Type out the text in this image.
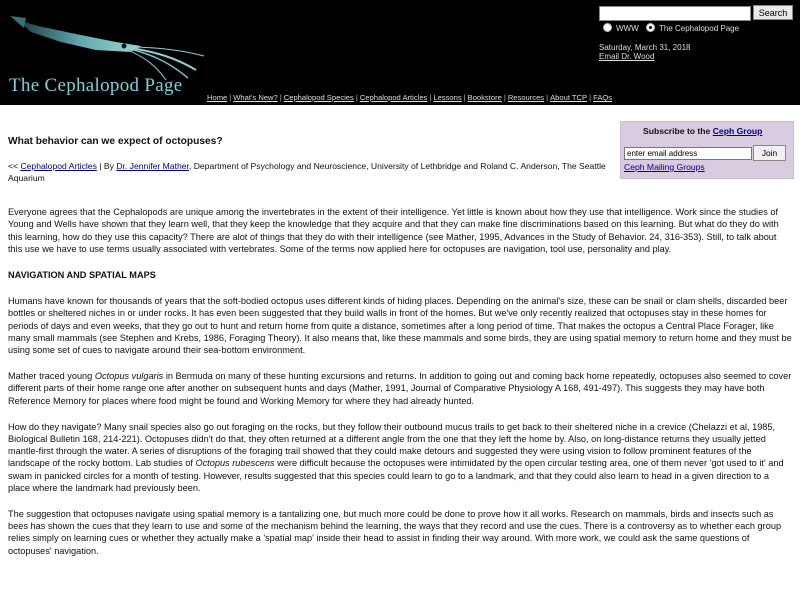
The Cephalopod Page
Search
WWW	The Cephalopod Page
Saturday, March 31, 2018
Email Dr. Wood
Home | What's New? | Cephalopod Species | Cephalopod Articles | Lessons | Bookstore | Resources | About TCP | FAQs
Subscribe to the Ceph Group
enter email address
Join
Ceph Mailing Groups
What behavior can we expect of octopuses?
<< Cephalopod Articles | By Dr. Jennifer Mather, Department of Psychology and Neuroscience, University of Lethbridge and Roland C. Anderson, The Seattle Aquarium

Everyone agrees that the Cephalopods are unique among the invertebrates in the extent of their intelligence. Yet little is known about how they use that intelligence. Work since the studies of Young and Wells have shown that they learn well, that they keep the knowledge that they acquire and that they can make fine discriminations based on this learning. But what do they do with this learning, how do they use this capacity? There are alot of things that they do with their intelligence (see Mather, 1995, Advances in the Study of Behavior. 24, 316-353). Still, to talk about this use we have to use terms usually associated with vertebrates. Some of the terms now applied here for octopuses are navigation, tool use, personality and play.

NAVIGATION AND SPATIAL MAPS

Humans have known for thousands of years that the soft-bodied octopus uses different kinds of hiding places. Depending on the animal's size, these can be snail or clam shells, discarded beer bottles or sheltered niches in or under rocks. It has even been suggested that they build walls in front of the homes. But we've only recently realized that octopuses stay in these homes for periods of days and even weeks, that they go out to hunt and return home from quite a distance, sometimes after a long period of time. That makes the octopus a Central Place Forager, like many small mammals (see Stephen and Krebs, 1986, Foraging Theory). It also means that, like these mammals and some birds, they are using spatial memory to return home and they must be using some set of cues to navigate around their sea-bottom environment.

Mather traced young Octopus vulgaris in Bermuda on many of these hunting excursions and returns. In addition to going out and coming back home repeatedly, octopuses also seemed to cover different parts of their home range one after another on subsequent hunts and days (Mather, 1991, Journal of Comparative Physiology A 168, 491-497). This suggests they may have both Reference Memory for places where food might be found and Working Memory for where they had already hunted.

How do they navigate? Many snail species also go out foraging on the rocks, but they follow their outbound mucus trails to get back to their sheltered niche in a crevice (Chelazzi et al, 1985, Biological Bulletin 168, 214-221). Octopuses didn't do that, they often returned at a different angle from the one that they left the home by. Also, on long-distance returns they usually jetted mantle-first through the water. A series of disruptions of the foraging trail showed that they could make detours and suggested they were using vision to follow prominent features of the landscape of the rocky bottom. Lab studies of Octopus rubescens were difficult because the octopuses were intimidated by the open circular testing area, one of them never 'got used to it' and swam in panicked circles for a month of testing. However, results suggested that this species could learn to go to a landmark, and that they could also learn to head in a given direction to a place where the landmark had previously been.

The suggestion that octopuses navigate using spatial memory is a tantalizing one, but much more could be done to prove how it all works. Research on mammals, birds and insects such as bees has shown the cues that they learn to use and some of the mechanism behind the learning, the ways that they record and use the cues. There is a controversy as to whether each group relies simply on learning cues or whether they actually make a 'spatial map' inside their head to assist in finding their way around. With more work, we could ask the same questions of octopuses' navigation.
